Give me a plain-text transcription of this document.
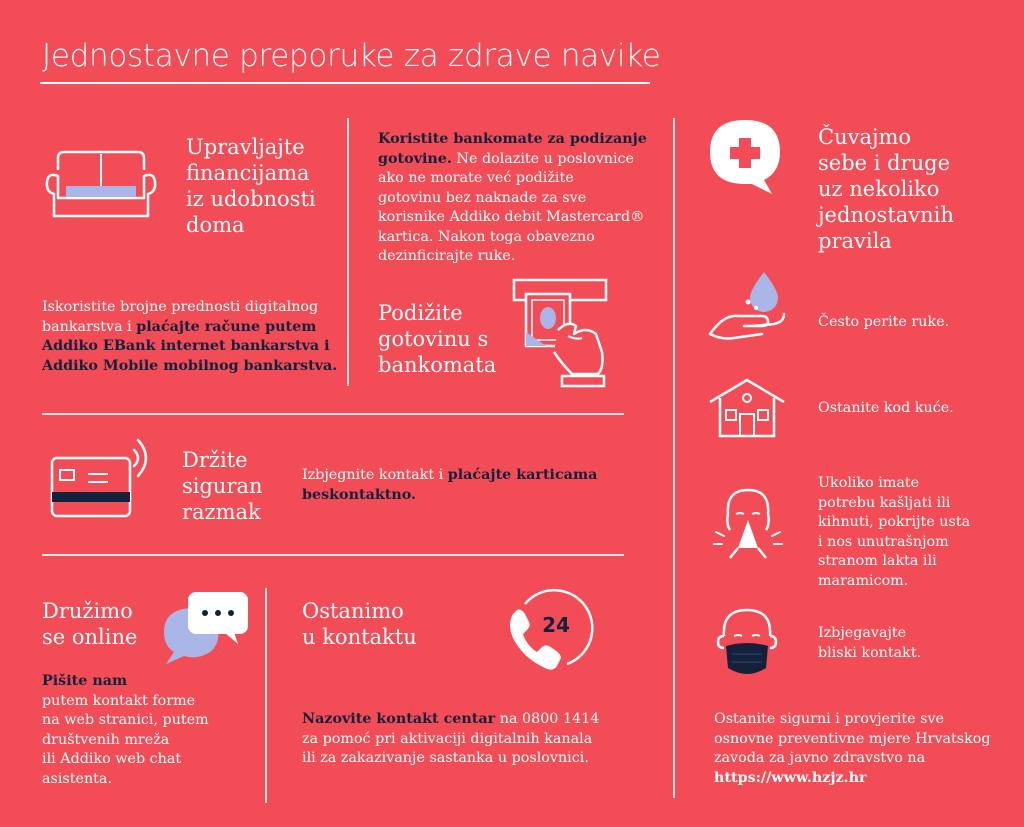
Jednostavne preporuke za zdrave navike
Upravljajte
financijama
iz udobnosti
doma
Iskoristite brojne prednosti digitalnog
bankarstva i plaćajte račune putem
Addiko EBank internet bankarstva i
Addiko Mobile mobilnog bankarstva.
Koristite bankomate za podizanje
gotovine. Ne dolazite u poslovnice
ako ne morate već podižite
gotovinu bez naknade za sve
korisnike Addiko debit Mastercard®
kartica. Nakon toga obavezno
dezinficirajte ruke.
Podižite
gotovinu s
bankomata
Držite
siguran
razmak
Izbjegnite kontakt i plaćajte karticama
beskontaktno.
Družimo
se online
Pišite nam
putem kontakt forme
na web stranici, putem
društvenih mreža
ili Addiko web chat
asistenta.
Ostanimo
u kontaktu	24
Nazovite kontakt centar na 0800 1414
za pomoć pri aktivaciji digitalnih kanala
ili za zakazivanje sastanka u poslovnici.
Čuvajmo
sebe i druge
uz nekoliko
jednostavnih
pravila
Često perite ruke.
Ostanite kod kuće.
Ukoliko imate
potrebu kašljati ili
kihnuti, pokrijte usta
i nos unutrašnjom
stranom lakta ili
maramicom.
Izbjegavajte
bliski kontakt.
Ostanite sigurni i provjerite sve
osnovne preventivne mjere Hrvatskog
zavoda za javno zdravstvo na
https://www.hzjz.hr
